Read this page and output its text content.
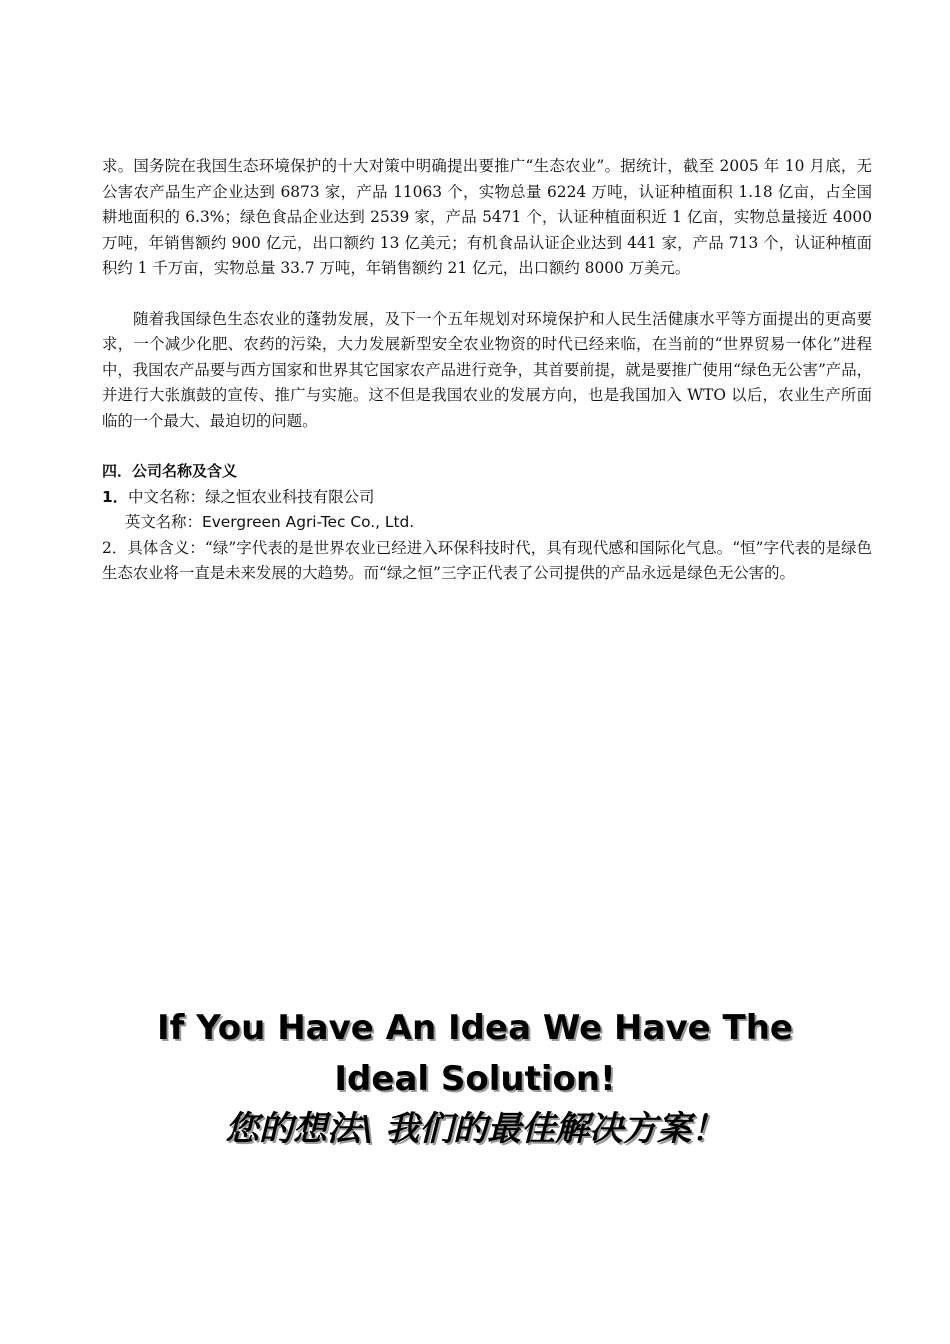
求。国务院在我国生态环境保护的十大对策中明确提出要推广“生态农业”。据统计，截至 2005 年 10 月底，无公害农产品生产企业达到 6873 家，产品 11063 个，实物总量 6224 万吨，认证种植面积 1.18 亿亩，占全国耕地面积的 6.3%；绿色食品企业达到 2539 家，产品 5471 个，认证种植面积近 1 亿亩，实物总量接近 4000 万吨，年销售额约 900 亿元，出口额约 13 亿美元；有机食品认证企业达到 441 家，产品 713 个，认证种植面积约 1 千万亩，实物总量 33.7 万吨，年销售额约 21 亿元，出口额约 8000 万美元。

随着我国绿色生态农业的蓬勃发展，及下一个五年规划对环境保护和人民生活健康水平等方面提出的更高要求，一个减少化肥、农药的污染，大力发展新型安全农业物资的时代已经来临，在当前的“世界贸易一体化”进程中，我国农产品要与西方国家和世界其它国家农产品进行竞争，其首要前提，就是要推广使用“绿色无公害”产品，并进行大张旗鼓的宣传、推广与实施。这不但是我国农业的发展方向，也是我国加入 WTO 以后，农业生产所面临的一个最大、最迫切的问题。

四．公司名称及含义

1．中文名称：绿之恒农业科技有限公司

英文名称：Evergreen Agri-Tec Co., Ltd.

2．具体含义：“绿”字代表的是世界农业已经进入环保科技时代，具有现代感和国际化气息。“恒”字代表的是绿色生态农业将一直是未来发展的大趋势。而“绿之恒”三字正代表了公司提供的产品永远是绿色无公害的。

If You Have An Idea We Have The

Ideal Solution!

您的想法\ 我们的最佳解决方案！
